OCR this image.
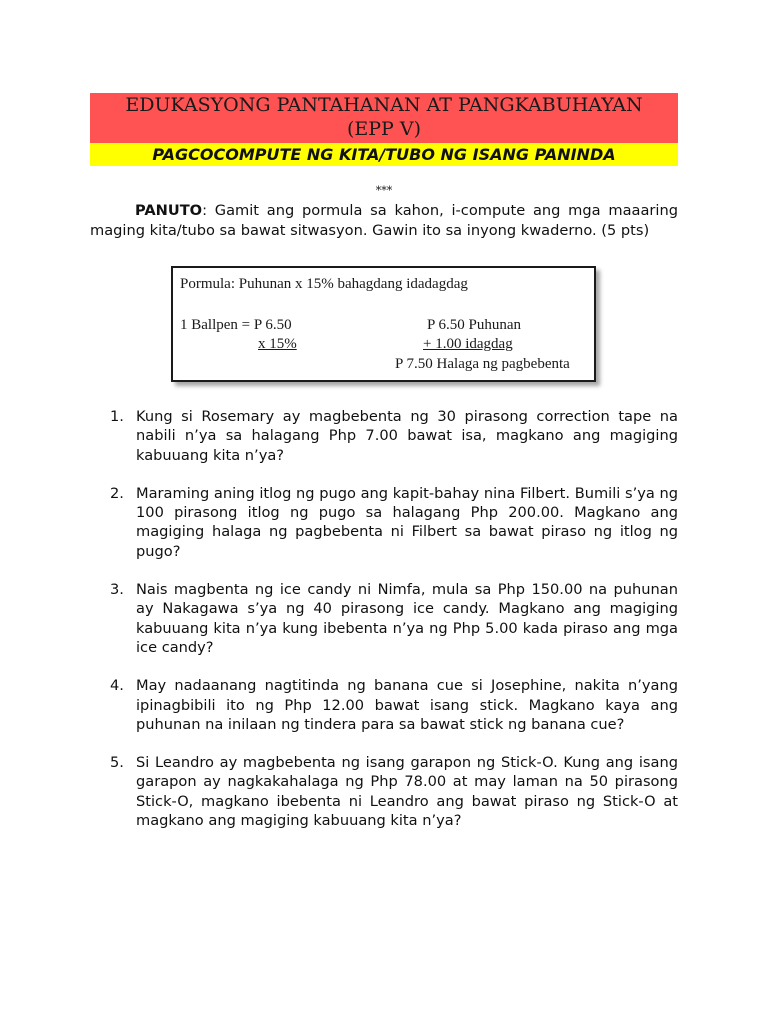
EDUKASYONG PANTAHANAN AT PANGKABUHAYAN
(EPP V)
PAGCOCOMPUTE NG KITA/TUBO NG ISANG PANINDA
***

PANUTO: Gamit ang pormula sa kahon, i-compute ang mga maaaring maging kita/tubo sa bawat sitwasyon. Gawin ito sa inyong kwaderno. (5 pts)

Pormula: Puhunan x 15% bahagdang idadagdag
1 Ballpen = P 6.50
x 15%
P 6.50 Puhunan
+ 1.00 idagdag
P 7.50 Halaga ng pagbebenta
1. Kung si Rosemary ay magbebenta ng 30 pirasong correction tape na nabili n’ya sa halagang Php 7.00 bawat isa, magkano ang magiging kabuuang kita n’ya?
2. Maraming aning itlog ng pugo ang kapit-bahay nina Filbert. Bumili s’ya ng 100 pirasong itlog ng pugo sa halagang Php 200.00. Magkano ang magiging halaga ng pagbebenta ni Filbert sa bawat piraso ng itlog ng pugo?
3. Nais magbenta ng ice candy ni Nimfa, mula sa Php 150.00 na puhunan ay Nakagawa s’ya ng 40 pirasong ice candy. Magkano ang magiging kabuuang kita n’ya kung ibebenta n’ya ng Php 5.00 kada piraso ang mga ice candy?
4. May nadaanang nagtitinda ng banana cue si Josephine, nakita n’yang ipinagbibili ito ng Php 12.00 bawat isang stick. Magkano kaya ang puhunan na inilaan ng tindera para sa bawat stick ng banana cue?
5. Si Leandro ay magbebenta ng isang garapon ng Stick-O. Kung ang isang garapon ay nagkakahalaga ng Php 78.00 at may laman na 50 pirasong Stick-O, magkano ibebenta ni Leandro ang bawat piraso ng Stick-O at magkano ang magiging kabuuang kita n’ya?
